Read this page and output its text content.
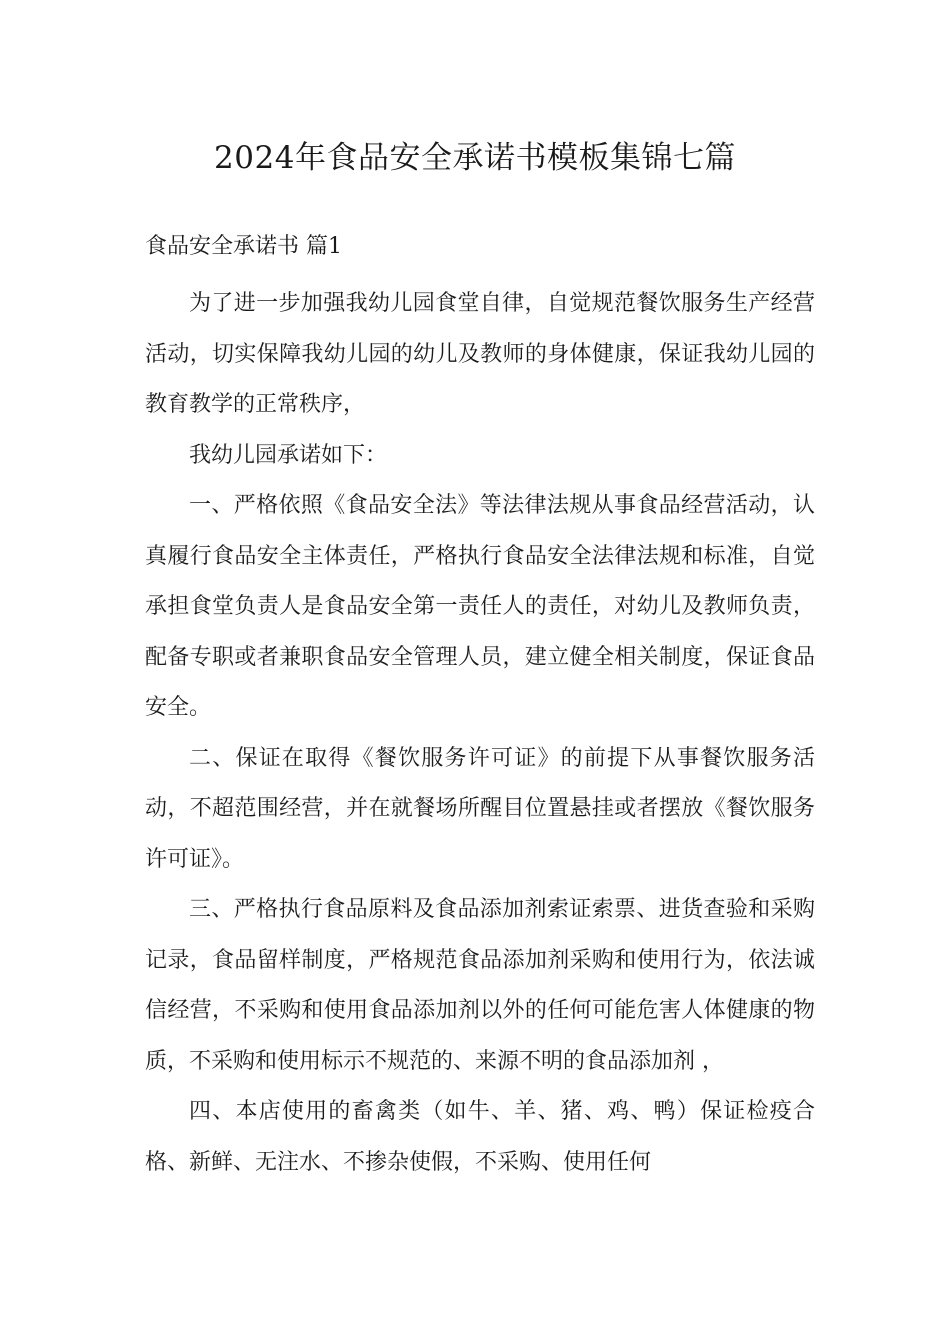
2024年食品安全承诺书模板集锦七篇
食品安全承诺书 篇1

为了进一步加强我幼儿园食堂自律，自觉规范餐饮服务生产经营活动，切实保障我幼儿园的幼儿及教师的身体健康，保证我幼儿园的教育教学的正常秩序，

我幼儿园承诺如下：

一、严格依照《食品安全法》等法律法规从事食品经营活动，认真履行食品安全主体责任，严格执行食品安全法律法规和标准，自觉承担食堂负责人是食品安全第一责任人的责任，对幼儿及教师负责，配备专职或者兼职食品安全管理人员，建立健全相关制度，保证食品安全。

二、保证在取得《餐饮服务许可证》的前提下从事餐饮服务活动，不超范围经营，并在就餐场所醒目位置悬挂或者摆放《餐饮服务许可证》。

三、严格执行食品原料及食品添加剂索证索票、进货查验和采购记录，食品留样制度，严格规范食品添加剂采购和使用行为，依法诚信经营，不采购和使用食品添加剂以外的任何可能危害人体健康的物质，不采购和使用标示不规范的、来源不明的食品添加剂 ，

四、本店使用的畜禽类（如牛、羊、猪、鸡、鸭）保证检疫合格、新鲜、无注水、不掺杂使假，不采购、使用任何
